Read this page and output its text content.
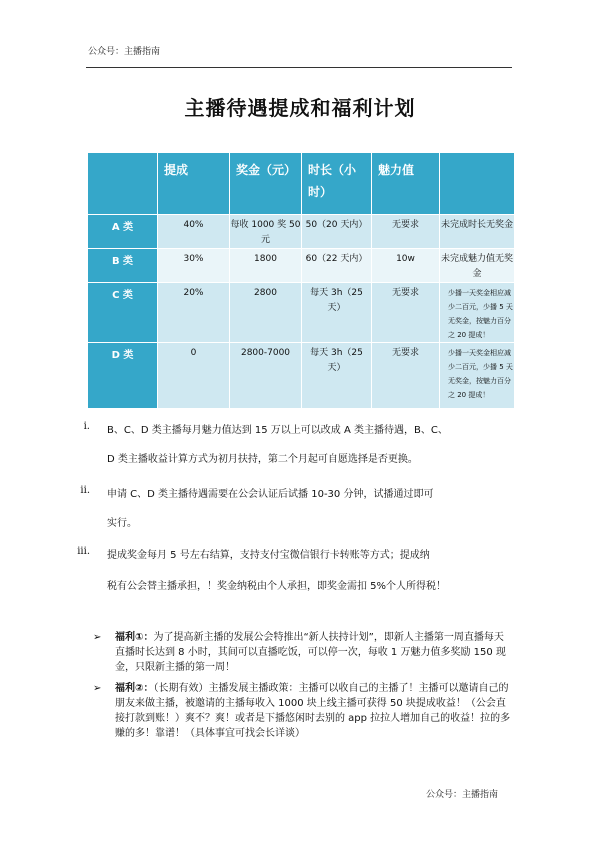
公众号：主播指南
主播待遇提成和福利计划
	提成	奖金（元）	时长（小时）	魅力值	
A 类	40%	每收 1000 奖 50 元	50（20 天内）	无要求	未完成时长无奖金
B 类	30%	1800	60（22 天内）	10w	未完成魅力值无奖金
C 类	20%	2800	每天 3h（25 天）	无要求	少播一天奖金相应减少二百元，少播 5 天无奖金，按魅力百分之 20 提成！
D 类	0	2800-7000	每天 3h（25 天）	无要求	少播一天奖金相应减少二百元，少播 5 天无奖金，按魅力百分之 20 提成！
i. B、C、D 类主播每月魅力值达到 15 万以上可以改成 A 类主播待遇，B、C、
D 类主播收益计算方式为初月扶持，第二个月起可自愿选择是否更换。
ii. 申请 C、D 类主播待遇需要在公会认证后试播 10-30 分钟，试播通过即可
实行。
iii. 提成奖金每月 5 号左右结算，支持支付宝微信银行卡转账等方式；提成纳
税有公会替主播承担，！奖金纳税由个人承担，即奖金需扣 5%个人所得税！
➢ 福利①：为了提高新主播的发展公会特推出“新人扶持计划”，即新人主播第一周直播每天直播时长达到 8 小时，其间可以直播吃饭，可以停一次，每收 1 万魅力值多奖励 150 现金，只限新主播的第一周！
➢ 福利②：（长期有效）主播发展主播政策：主播可以收自己的主播了！主播可以邀请自己的朋友来做主播，被邀请的主播每收入 1000 块上线主播可获得 50 块提成收益！（公会直接打款到账！）爽不？爽！或者是下播悠闲时去别的 app 拉拉人增加自己的收益！拉的多赚的多！靠谱！（具体事宜可找会长详谈）
公众号：主播指南
